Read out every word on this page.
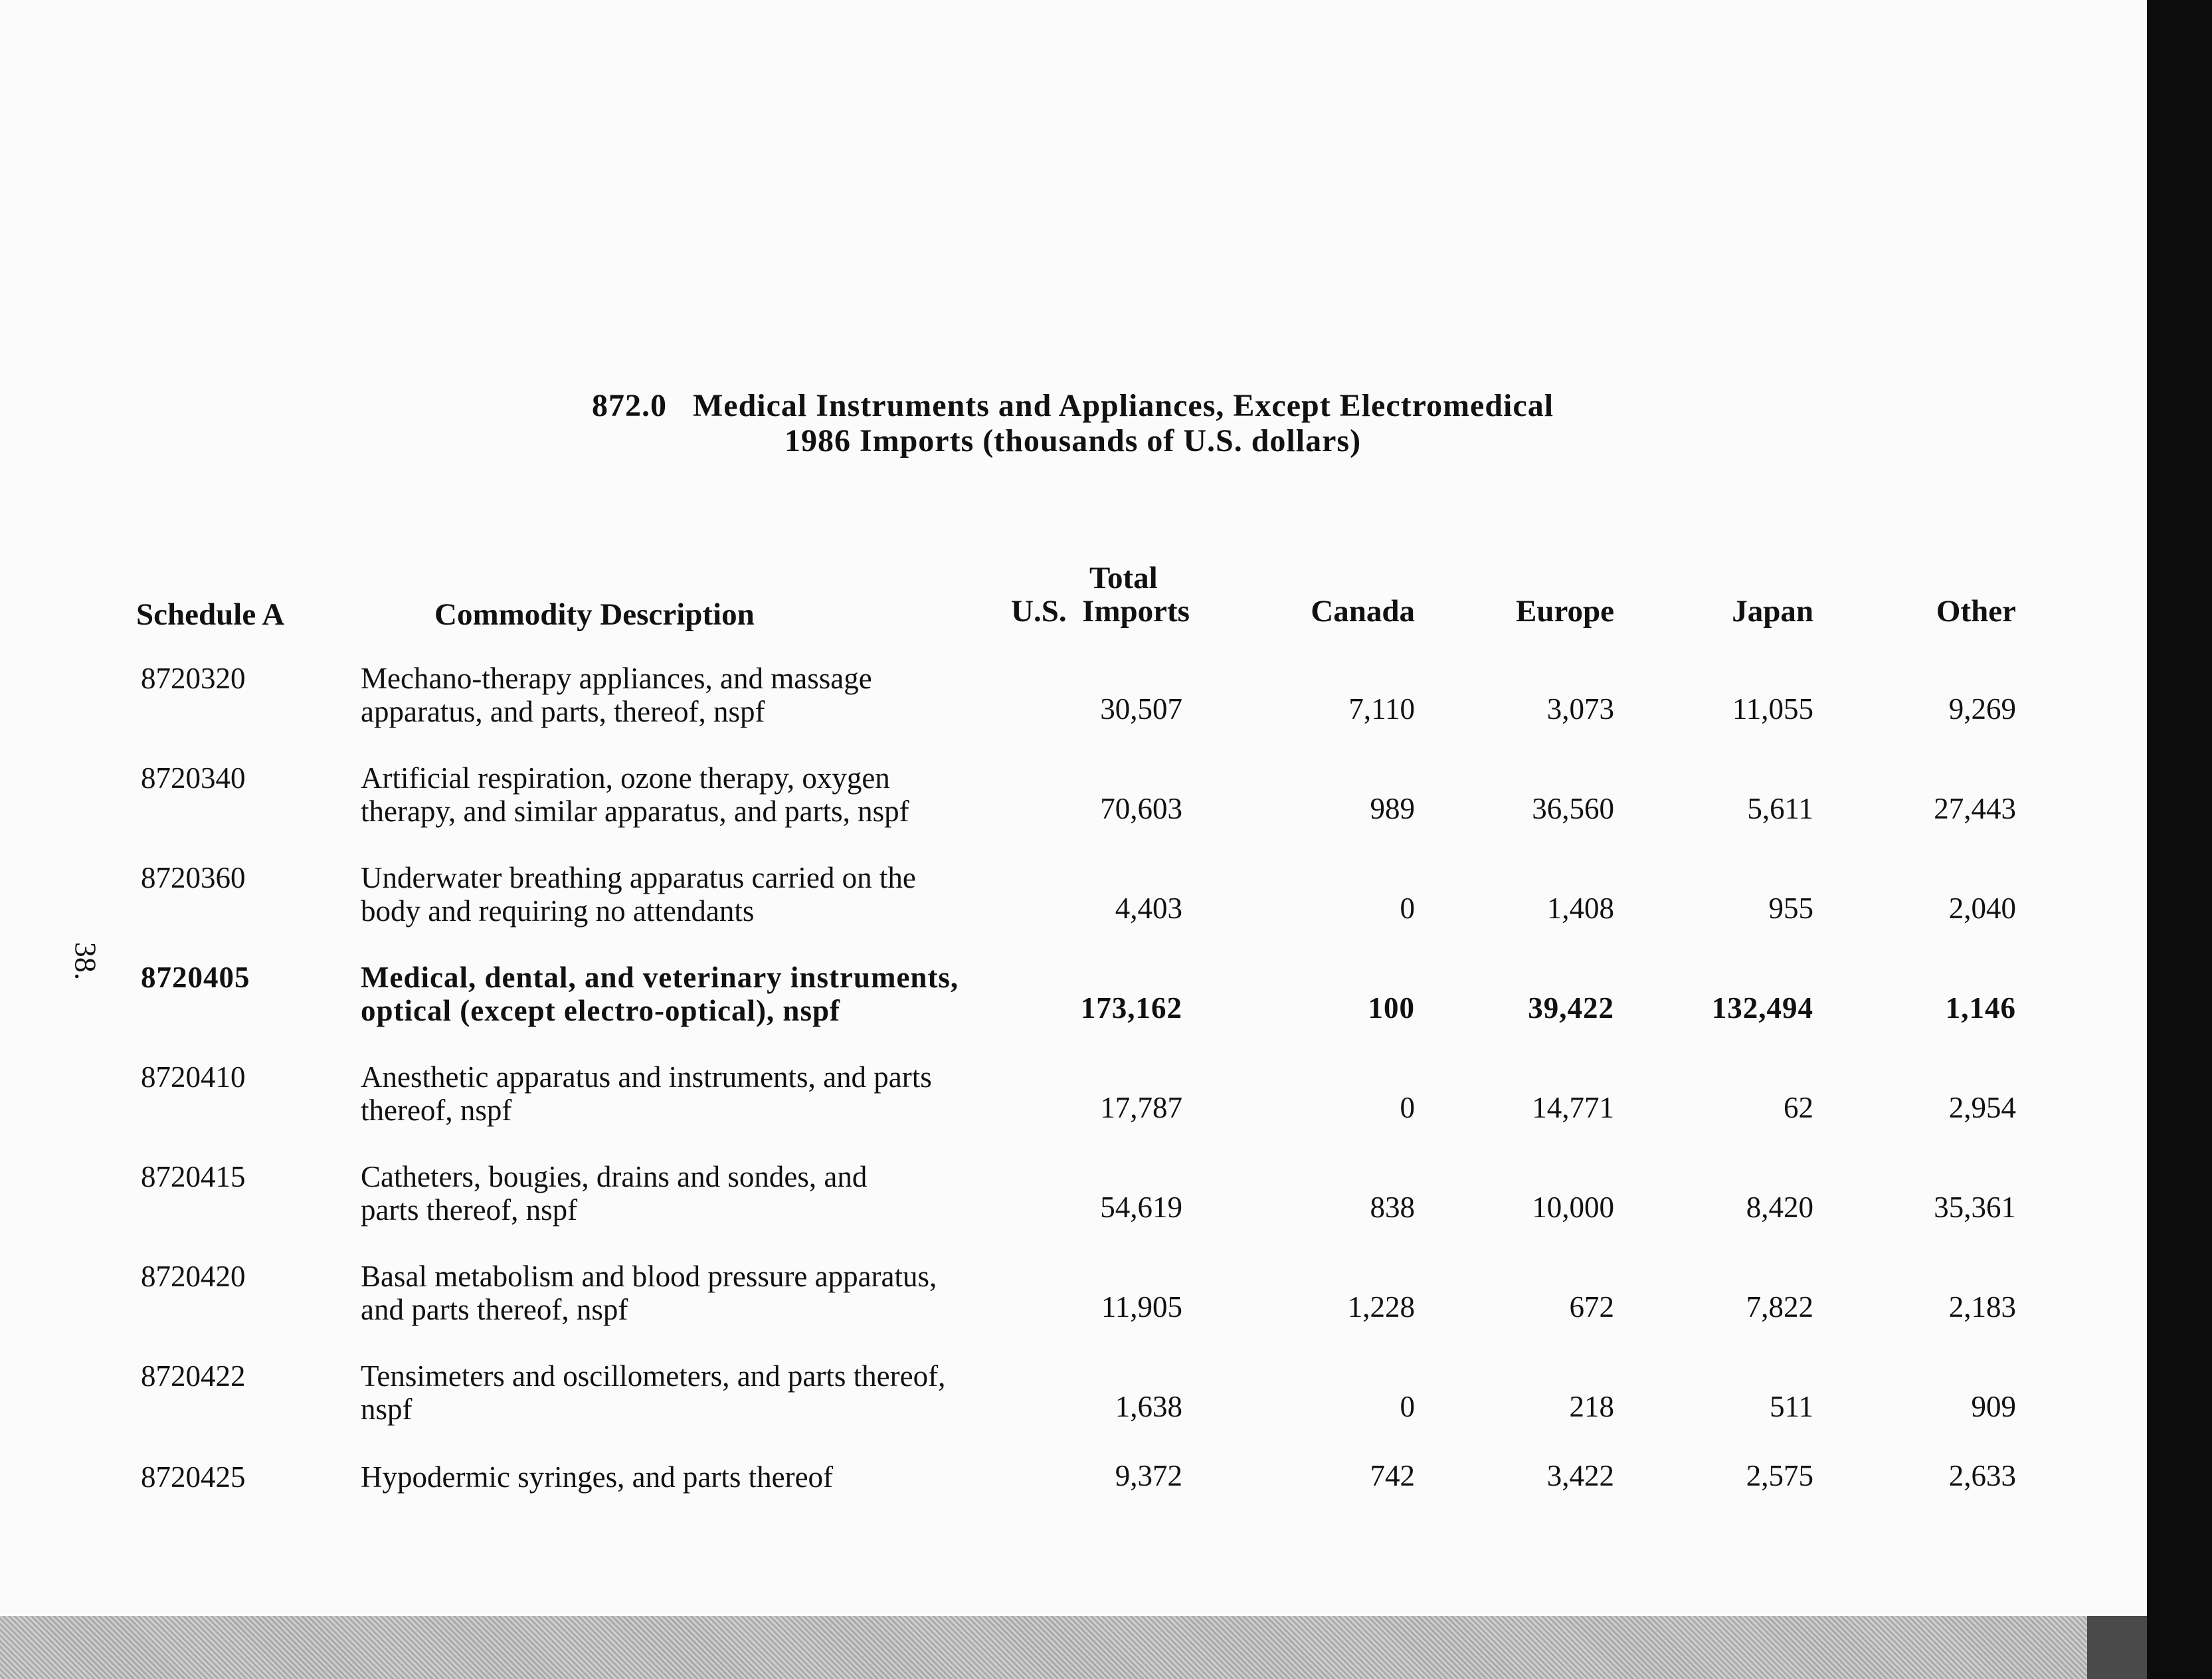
872.0   Medical Instruments and Appliances, Except Electromedical
1986 Imports (thousands of U.S. dollars)
38.
Schedule A	Commodity Description
Total
U.S.  Imports	Canada	Europe	Japan	Other
8720320	Mechano-therapy appliances, and massage
apparatus, and parts, thereof, nspf	30,507	7,110	3,073	11,055	9,269
8720340	Artificial respiration, ozone therapy, oxygen
therapy, and similar apparatus, and parts, nspf	70,603	989	36,560	5,611	27,443
8720360	Underwater breathing apparatus carried on the
body and requiring no attendants	4,403	0	1,408	955	2,040
8720405	Medical, dental, and veterinary instruments,
optical (except electro-optical), nspf	173,162	100	39,422	132,494	1,146
8720410	Anesthetic apparatus and instruments, and parts
thereof, nspf	17,787	0	14,771	62	2,954
8720415	Catheters, bougies, drains and sondes, and
parts thereof, nspf	54,619	838	10,000	8,420	35,361
8720420	Basal metabolism and blood pressure apparatus,
and parts thereof, nspf	11,905	1,228	672	7,822	2,183
8720422	Tensimeters and oscillometers, and parts thereof,
nspf	1,638	0	218	511	909
8720425	Hypodermic syringes, and parts thereof	9,372	742	3,422	2,575	2,633
